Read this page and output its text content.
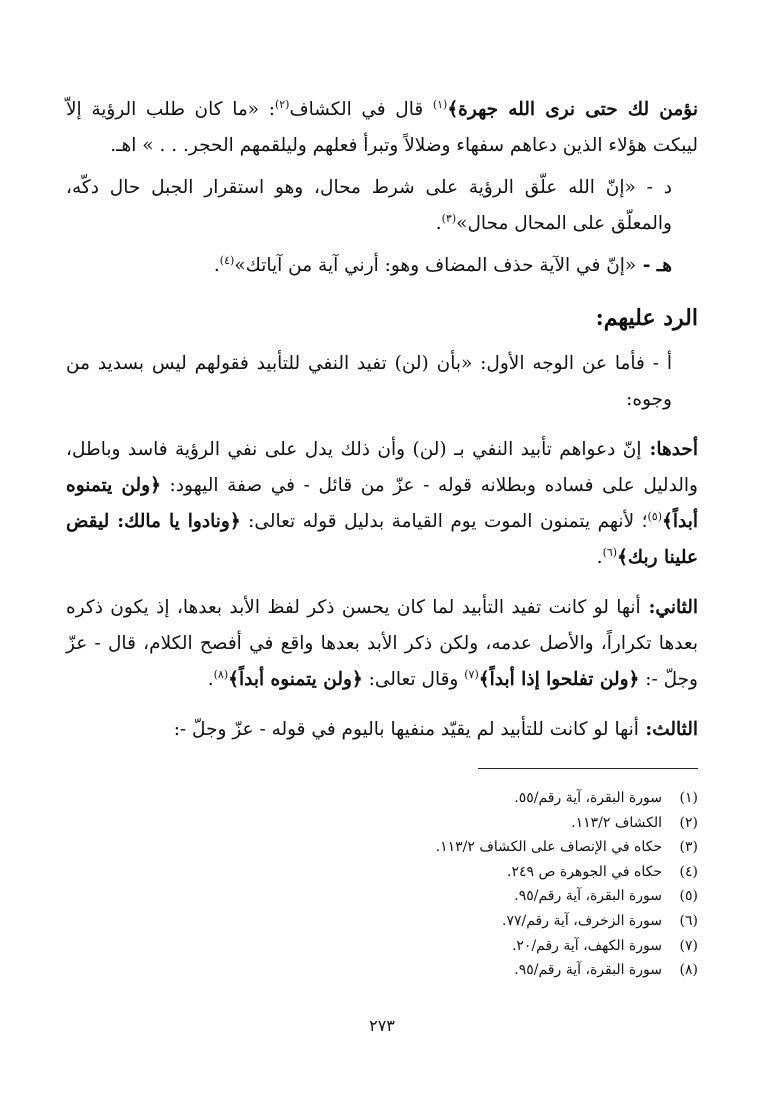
نؤمن لك حتى نرى الله جهرة﴾$^{(١)}$ قال في الكشاف$^{(٢)}$: «ما كان طلب الرؤية إلاّ ليبكت هؤلاء الذين دعاهم سفهاء وضلالاً وتبرأ فعلهم وليلقمهم الحجر. . . » اهـ.

د - «إنّ الله علّق الرؤية على شرط محال، وهو استقرار الجبل حال دكّه، والمعلّق على المحال محال»$^{(٣)}$.

هـ - «إنّ في الآية حذف المضاف وهو: أرني آية من آياتك»$^{(٤)}$.

الرد عليهم:

أ - فأما عن الوجه الأول: «بأن (لن) تفيد النفي للتأبيد فقولهم ليس بسديد من وجوه:

أحدها: إنّ دعواهم تأبيد النفي بـ (لن) وأن ذلك يدل على نفي الرؤية فاسد وباطل، والدليل على فساده وبطلانه قوله - عزّ من قائل - في صفة اليهود: ﴿ولن يتمنوه أبداً﴾$^{(٥)}$؛ لأنهم يتمنون الموت يوم القيامة بدليل قوله تعالى: ﴿ونادوا يا مالك: ليقض علينا ربك﴾$^{(٦)}$.

الثاني: أنها لو كانت تفيد التأبيد لما كان يحسن ذكر لفظ الأبد بعدها، إذ يكون ذكره بعدها تكراراً، والأصل عدمه، ولكن ذكر الأبد بعدها واقع في أفصح الكلام، قال - عزّ وجلّ -: ﴿ولن تفلحوا إذا أبداً﴾$^{(٧)}$ وقال تعالى: ﴿ولن يتمنوه أبداً﴾$^{(٨)}$.

الثالث: أنها لو كانت للتأبيد لم يقيّد منفيها باليوم في قوله - عزّ وجلّ -:

(١)
سورة البقرة، آية رقم/٥٥.
(٢)
الكشاف ١١٣/٢.
(٣)
حكاه في الإنصاف على الكشاف ١١٣/٢.
(٤)
حكاه في الجوهرة ص ٢٤٩.
(٥)
سورة البقرة، آية رقم/٩٥.
(٦)
سورة الزخرف، آية رقم/٧٧.
(٧)
سورة الكهف، آية رقم/٢٠.
(٨)
سورة البقرة، آية رقم/٩٥.
٢٧٣
